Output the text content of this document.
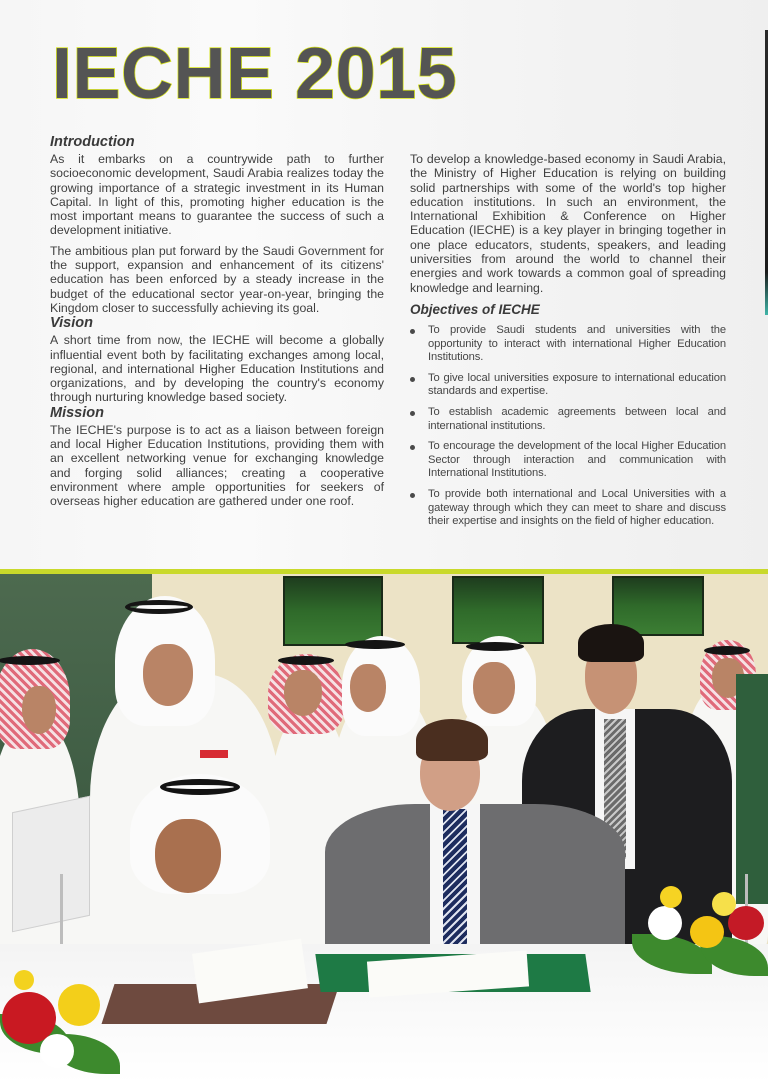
IECHE 2015
Introduction

As it embarks on a countrywide path to further socioeconomic development, Saudi Arabia realizes today the growing importance of a strategic investment in its Human Capital. In light of this, promoting higher education is the most important means to guarantee the success of such a development initiative.

The ambitious plan put forward by the Saudi Government for the support, expansion and enhancement of its citizens' education has been enforced by a steady increase in the budget of the educational sector year-on-year, bringing the Kingdom closer to successfully achieving its goal.

Vision

A short time from now, the IECHE will become a globally influential event both by facilitating exchanges among local, regional, and international Higher Education Institutions and organizations, and by developing the country's economy through nurturing knowledge based society.

Mission

The IECHE's purpose is to act as a liaison between foreign and local Higher Education Institutions, providing them with an excellent networking venue for exchanging knowledge and forging solid alliances; creating a cooperative environment where ample opportunities for seekers of overseas higher education are gathered under one roof.

To develop a knowledge-based economy in Saudi Arabia, the Ministry of Higher Education is relying on building solid partnerships with some of the world's top higher education institutions. In such an environment, the International Exhibition & Conference on Higher Education (IECHE) is a key player in bringing together in one place educators, students, speakers, and leading universities from around the world to channel their energies and work towards a common goal of spreading knowledge and learning.

Objectives of IECHE
To provide Saudi students and universities with the opportunity to interact with international Higher Education Institutions.
To give local universities exposure to international education standards and expertise.
To establish academic agreements between local and international institutions.
To encourage the development of the local Higher Education Sector through interaction and communication with International Institutions.
To provide both international and Local Universities with a gateway through which they can meet to share and discuss their expertise and insights on the field of higher education.
